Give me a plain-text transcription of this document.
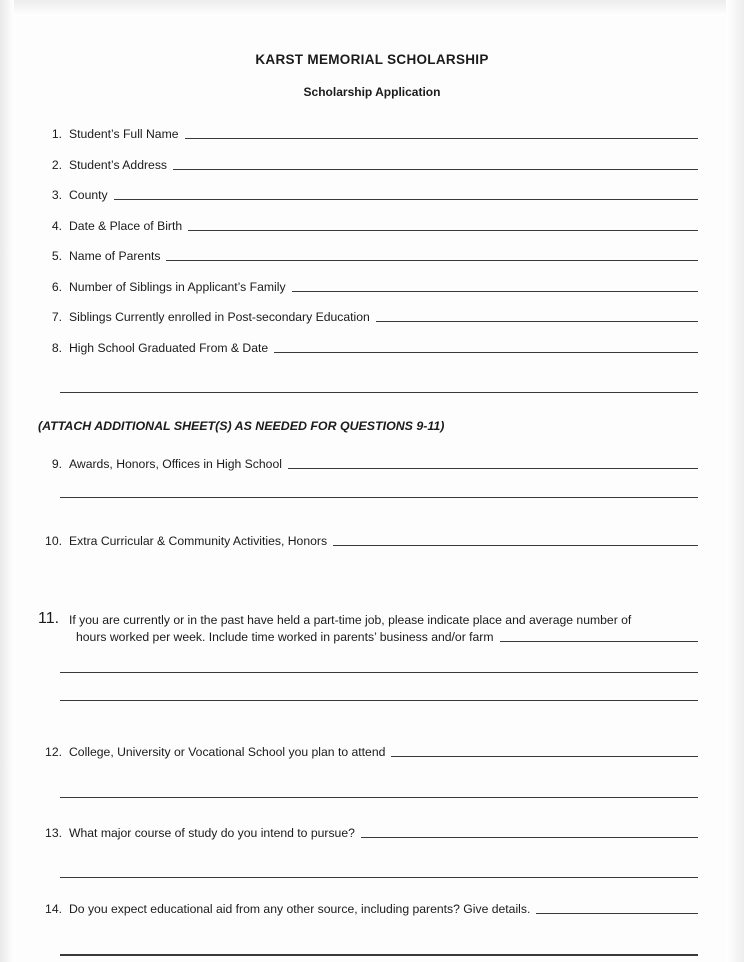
KARST MEMORIAL SCHOLARSHIP
Scholarship Application
1. Student’s Full Name
2. Student’s Address
3. County
4. Date & Place of Birth
5. Name of Parents
6. Number of Siblings in Applicant’s Family
7. Siblings Currently enrolled in Post-secondary Education
8. High School Graduated From & Date
(ATTACH ADDITIONAL SHEET(S) AS NEEDED FOR QUESTIONS 9-11)
9. Awards, Honors, Offices in High School
10. Extra Curricular & Community Activities, Honors
11. If you are currently or in the past have held a part-time job, please indicate place and average number of
hours worked per week. Include time worked in parents’ business and/or farm
12. College, University or Vocational School you plan to attend
13. What major course of study do you intend to pursue?
14. Do you expect educational aid from any other source, including parents? Give details.
